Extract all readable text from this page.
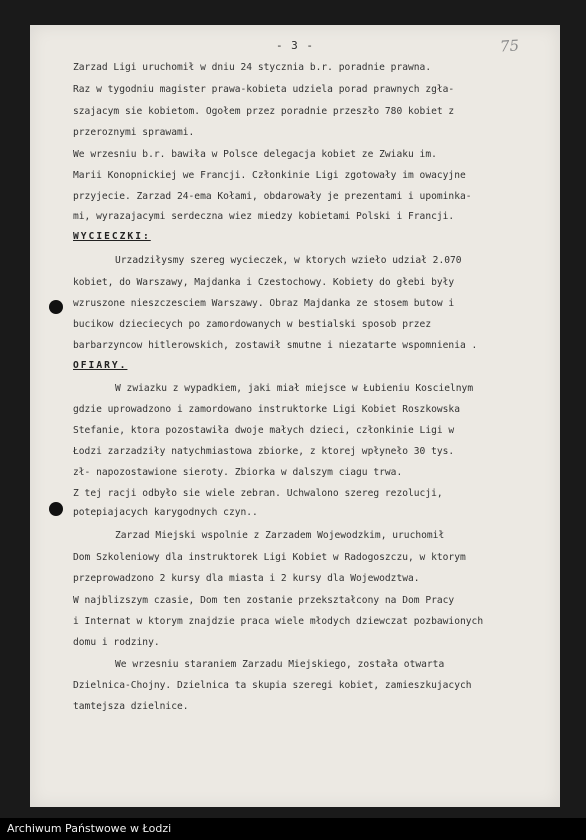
- 3 -	75
Zarzad Ligi uruchomił w dniu 24 stycznia b.r. poradnie prawna.
Raz w tygodniu magister prawa-kobieta udziela porad prawnych zgła-
szajacym sie kobietom. Ogołem przez poradnie przeszło 780 kobiet z
przeroznymi sprawami.
We wrzesniu b.r. bawiła w Polsce delegacja kobiet ze Zwiaku im.
Marii Konopnickiej we Francji. Członkinie Ligi zgotowały im owacyjne
przyjecie. Zarzad 24-ema Kołami, obdarowały je prezentami i upominka-
mi, wyrazajacymi serdeczna wiez miedzy kobietami Polski i Francji.
WYCIECZKI:
Urzadziłysmy szereg wycieczek, w ktorych wzieło udział 2.070
kobiet, do Warszawy, Majdanka i Czestochowy. Kobiety do głebi były
wzruszone nieszczesciem Warszawy. Obraz Majdanka ze stosem butow i
bucikow dzieciecych po zamordowanych w bestialski sposob przez
barbarzyncow hitlerowskich, zostawił smutne i niezatarte wspomnienia .
OFIARY.
W zwiazku z wypadkiem, jaki miał miejsce w Łubieniu Koscielnym
gdzie uprowadzono i zamordowano instruktorke Ligi Kobiet Roszkowska
Stefanie, ktora pozostawiła dwoje małych dzieci, członkinie Ligi w
Łodzi zarzadziły natychmiastowa zbiorke, z ktorej wpłyneło 30 tys.
zł- napozostawione sieroty. Zbiorka w dalszym ciagu trwa.
Z tej racji odbyło sie wiele zebran. Uchwalono szereg rezolucji,
potepiajacych karygodnych czyn..
Zarzad Miejski wspolnie z Zarzadem Wojewodzkim, uruchomił
Dom Szkoleniowy dla instruktorek Ligi Kobiet w Radogoszczu, w ktorym
przeprowadzono 2 kursy dla miasta i 2 kursy dla Wojewodztwa.
W najblizszym czasie, Dom ten zostanie przekształcony na Dom Pracy
i Internat w ktorym znajdzie praca wiele młodych dziewczat pozbawionych
domu i rodziny.
We wrzesniu staraniem Zarzadu Miejskiego, została otwarta
Dzielnica-Chojny. Dzielnica ta skupia szeregi kobiet, zamieszkujacych
tamtejsza dzielnice.
Archiwum Państwowe w Łodzi
